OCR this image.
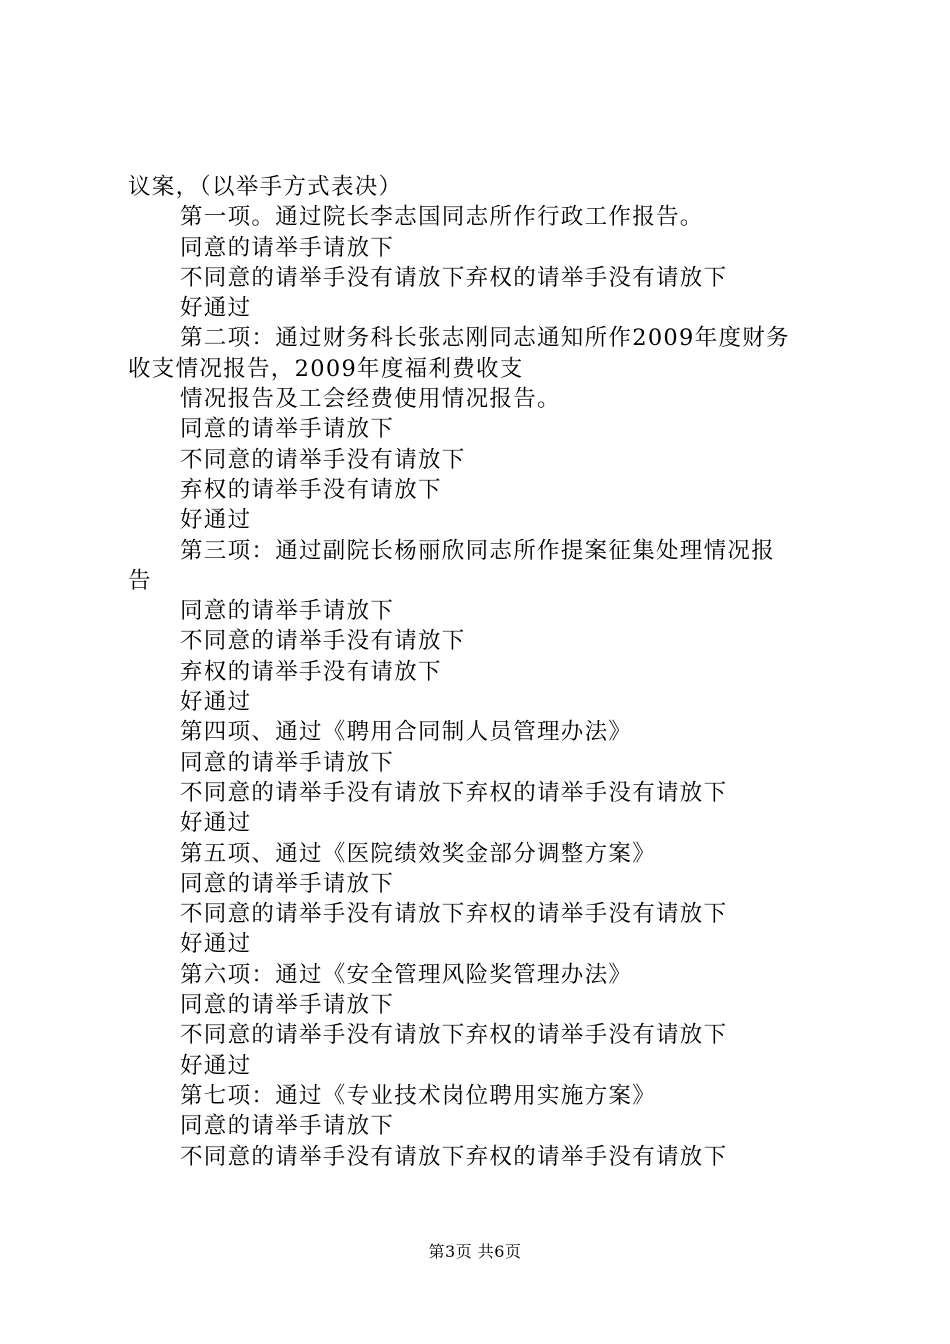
议案，（以举手方式表决）
第一项。通过院长李志国同志所作行政工作报告。
同意的请举手请放下
不同意的请举手没有请放下弃权的请举手没有请放下
好通过
第二项：通过财务科长张志刚同志通知所作2009年度财务
收支情况报告，2009年度福利费收支
情况报告及工会经费使用情况报告。
同意的请举手请放下
不同意的请举手没有请放下
弃权的请举手没有请放下
好通过
第三项：通过副院长杨丽欣同志所作提案征集处理情况报
告
同意的请举手请放下
不同意的请举手没有请放下
弃权的请举手没有请放下
好通过
第四项、通过《聘用合同制人员管理办法》
同意的请举手请放下
不同意的请举手没有请放下弃权的请举手没有请放下
好通过
第五项、通过《医院绩效奖金部分调整方案》
同意的请举手请放下
不同意的请举手没有请放下弃权的请举手没有请放下
好通过
第六项：通过《安全管理风险奖管理办法》
同意的请举手请放下
不同意的请举手没有请放下弃权的请举手没有请放下
好通过
第七项：通过《专业技术岗位聘用实施方案》
同意的请举手请放下
不同意的请举手没有请放下弃权的请举手没有请放下
第3页 共6页
